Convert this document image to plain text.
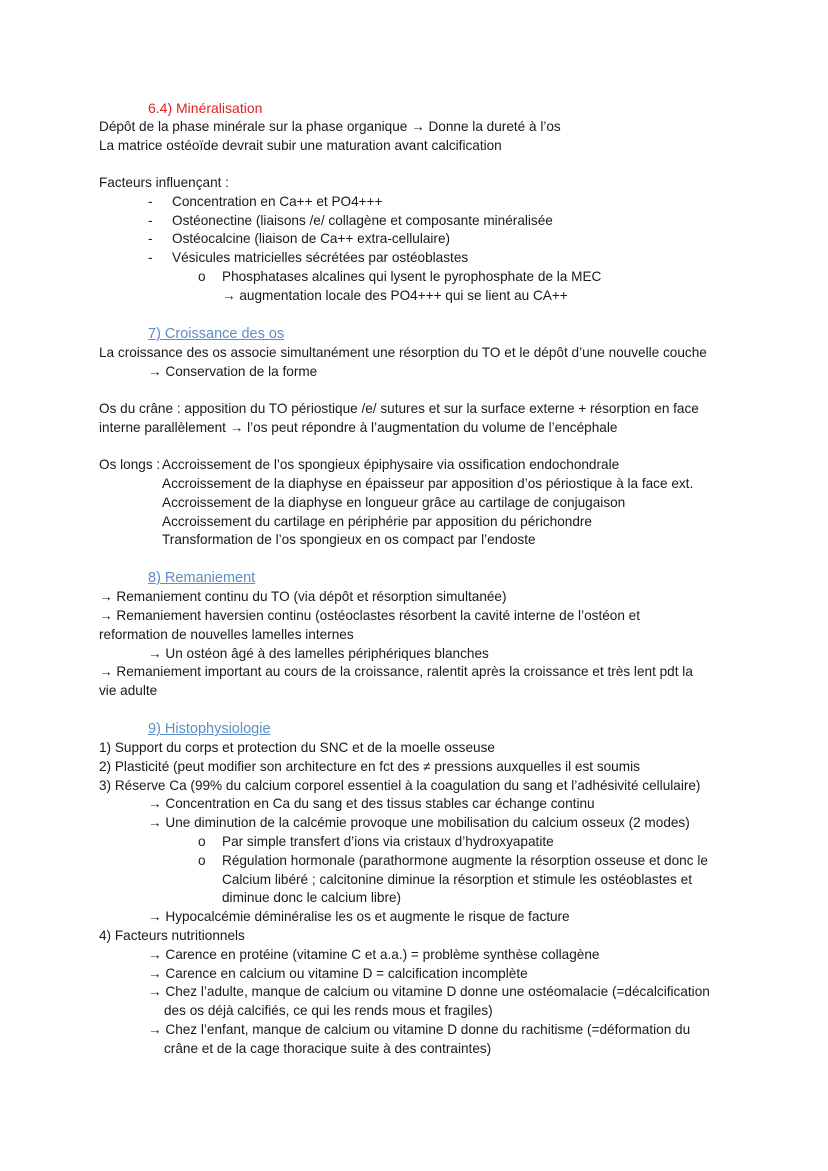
6.4) Minéralisation
Dépôt de la phase minérale sur la phase organique → Donne la dureté à l’os
La matrice ostéoïde devrait subir une maturation avant calcification
Facteurs influençant :
- Concentration en Ca++ et PO4+++
- Ostéonectine (liaisons /e/ collagène et composante minéralisée
- Ostéocalcine (liaison de Ca++ extra-cellulaire)
- Vésicules matricielles sécrétées par ostéoblastes
o Phosphatases alcalines qui lysent le pyrophosphate de la MEC
→ augmentation locale des PO4+++ qui se lient au CA++
7) Croissance des os
La croissance des os associe simultanément une résorption du TO et le dépôt d’une nouvelle couche
→ Conservation de la forme
Os du crâne : apposition du TO périostique /e/ sutures et sur la surface externe + résorption en face
interne parallèlement → l’os peut répondre à l’augmentation du volume de l’encéphale
Os longs : Accroissement de l’os spongieux épiphysaire via ossification endochondrale
Accroissement de la diaphyse en épaisseur par apposition d’os périostique à la face ext.
Accroissement de la diaphyse en longueur grâce au cartilage de conjugaison
Accroissement du cartilage en périphérie par apposition du périchondre
Transformation de l’os spongieux en os compact par l’endoste
8) Remaniement
→ Remaniement continu du TO (via dépôt et résorption simultanée)
→ Remaniement haversien continu (ostéoclastes résorbent la cavité interne de l’ostéon et
reformation de nouvelles lamelles internes
→ Un ostéon âgé à des lamelles périphériques blanches
→ Remaniement important au cours de la croissance, ralentit après la croissance et très lent pdt la
vie adulte
9) Histophysiologie
1) Support du corps et protection du SNC et de la moelle osseuse
2) Plasticité (peut modifier son architecture en fct des ≠ pressions auxquelles il est soumis
3) Réserve Ca (99% du calcium corporel essentiel à la coagulation du sang et l’adhésivité cellulaire)
→ Concentration en Ca du sang et des tissus stables car échange continu
→ Une diminution de la calcémie provoque une mobilisation du calcium osseux (2 modes)
o Par simple transfert d’ions via cristaux d’hydroxyapatite
o Régulation hormonale (parathormone augmente la résorption osseuse et donc le
Calcium libéré ; calcitonine diminue la résorption et stimule les ostéoblastes et
diminue donc le calcium libre)
→ Hypocalcémie déminéralise les os et augmente le risque de facture
4) Facteurs nutritionnels
→ Carence en protéine (vitamine C et a.a.) = problème synthèse collagène
→ Carence en calcium ou vitamine D = calcification incomplète
→ Chez l’adulte, manque de calcium ou vitamine D donne une ostéomalacie (=décalcification
des os déjà calcifiés, ce qui les rends mous et fragiles)
→ Chez l’enfant, manque de calcium ou vitamine D donne du rachitisme (=déformation du
crâne et de la cage thoracique suite à des contraintes)
